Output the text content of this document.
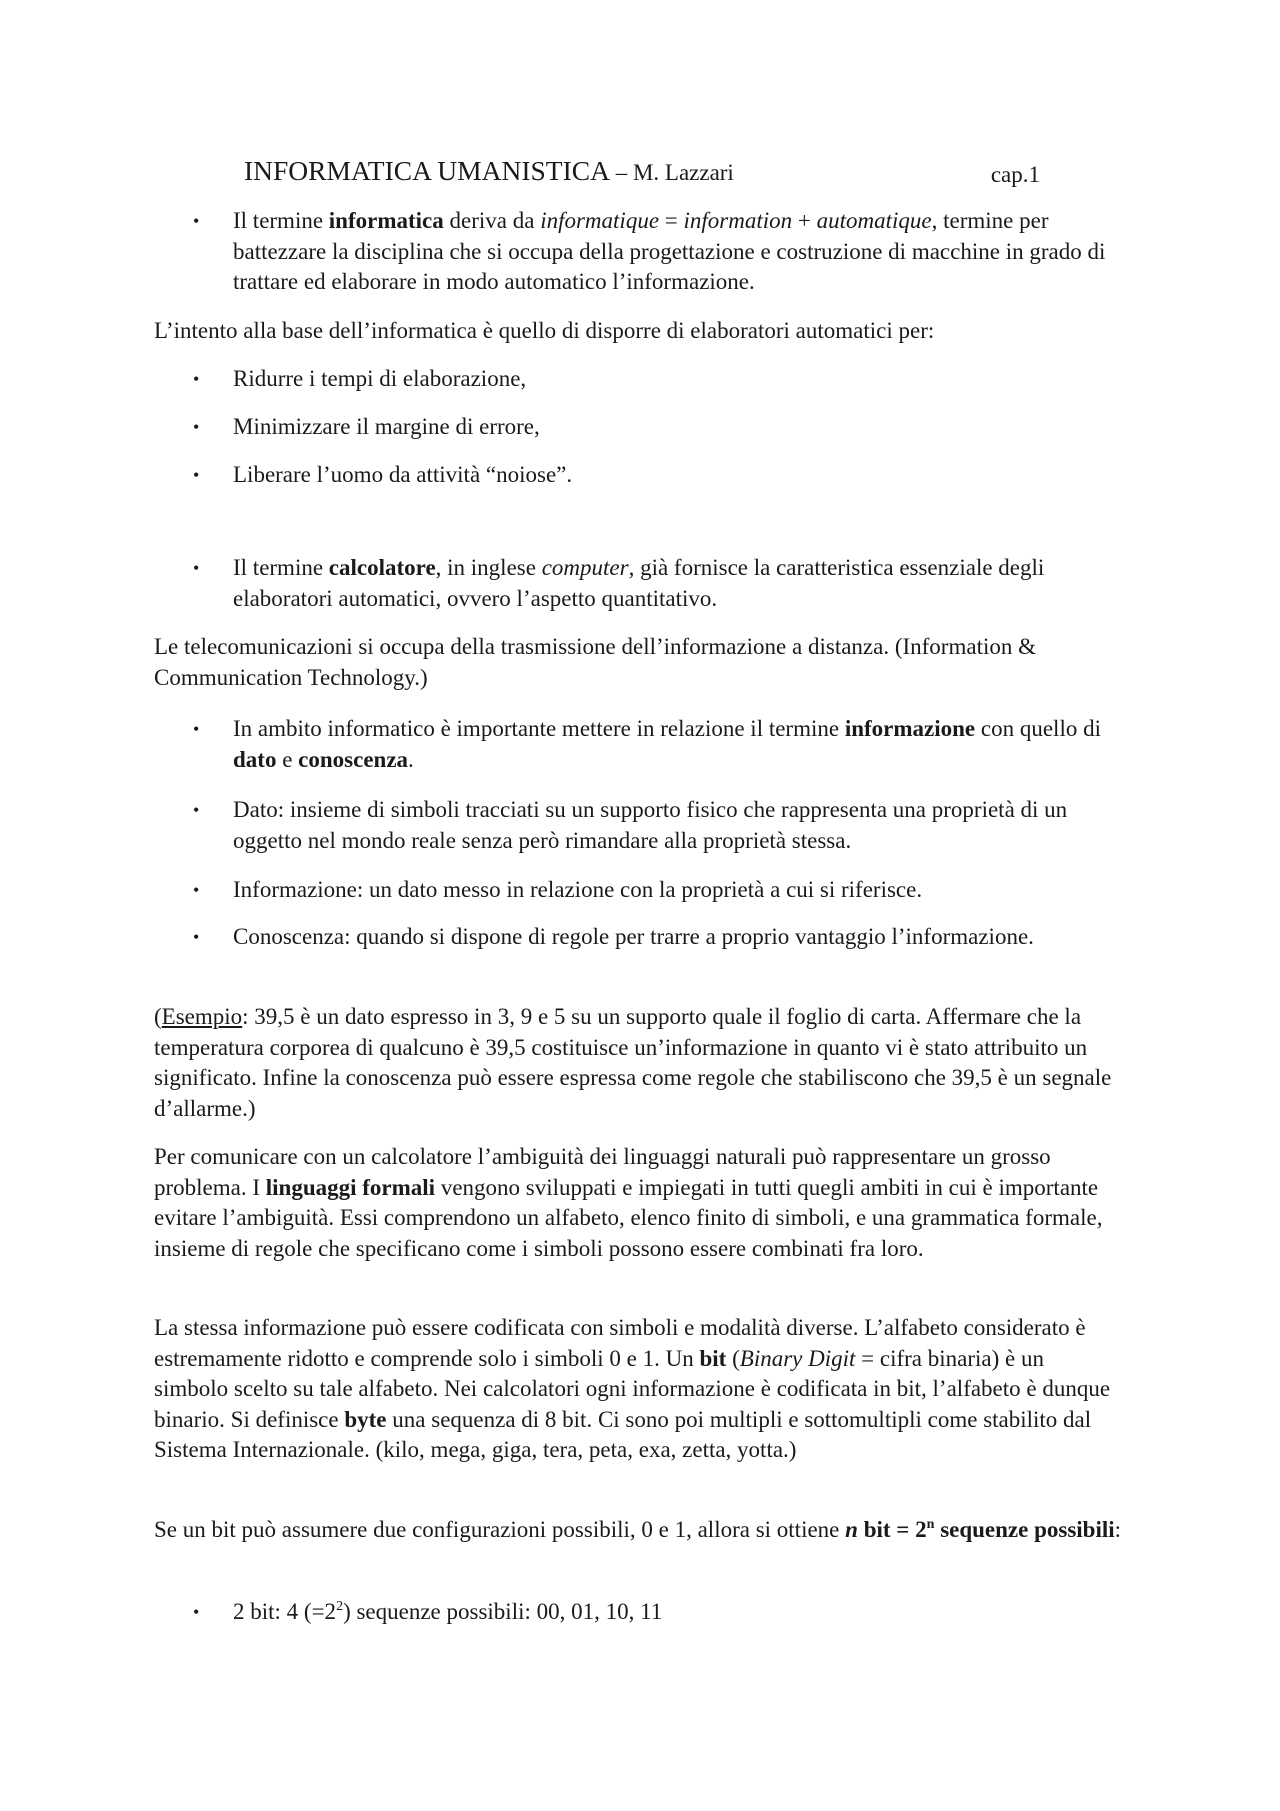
INFORMATICA UMANISTICA – M. Lazzari	cap.1
•	Il termine informatica deriva da informatique = information + automatique, termine per battezzare la disciplina che si occupa della progettazione e costruzione di macchine in grado di trattare ed elaborare in modo automatico l’informazione.

L’intento alla base dell’informatica è quello di disporre di elaboratori automatici per:

•	Ridurre i tempi di elaborazione,
•	Minimizzare il margine di errore,
•	Liberare l’uomo da attività “noiose”.
•	Il termine calcolatore, in inglese computer, già fornisce la caratteristica essenziale degli elaboratori automatici, ovvero l’aspetto quantitativo.

Le telecomunicazioni si occupa della trasmissione dell’informazione a distanza. (Information & Communication Technology.)

•	In ambito informatico è importante mettere in relazione il termine informazione con quello di dato e conoscenza.
•	Dato: insieme di simboli tracciati su un supporto fisico che rappresenta una proprietà di un oggetto nel mondo reale senza però rimandare alla proprietà stessa.
•	Informazione: un dato messo in relazione con la proprietà a cui si riferisce.
•	Conoscenza: quando si dispone di regole per trarre a proprio vantaggio l’informazione.

(Esempio: 39,5 è un dato espresso in 3, 9 e 5 su un supporto quale il foglio di carta. Affermare che la temperatura corporea di qualcuno è 39,5 costituisce un’informazione in quanto vi è stato attribuito un significato. Infine la conoscenza può essere espressa come regole che stabiliscono che 39,5 è un segnale d’allarme.)

Per comunicare con un calcolatore l’ambiguità dei linguaggi naturali può rappresentare un grosso problema. I linguaggi formali vengono sviluppati e impiegati in tutti quegli ambiti in cui è importante evitare l’ambiguità. Essi comprendono un alfabeto, elenco finito di simboli, e una grammatica formale, insieme di regole che specificano come i simboli possono essere combinati fra loro.

La stessa informazione può essere codificata con simboli e modalità diverse. L’alfabeto considerato è estremamente ridotto e comprende solo i simboli 0 e 1. Un bit (Binary Digit = cifra binaria) è un simbolo scelto su tale alfabeto. Nei calcolatori ogni informazione è codificata in bit, l’alfabeto è dunque binario. Si definisce byte una sequenza di 8 bit. Ci sono poi multipli e sottomultipli come stabilito dal Sistema Internazionale. (kilo, mega, giga, tera, peta, exa, zetta, yotta.)

Se un bit può assumere due configurazioni possibili, 0 e 1, allora si ottiene n bit = $2^n$ sequenze possibili:

•	2 bit: 4 $(=2^2)$ sequenze possibili: 00, 01, 10, 11
